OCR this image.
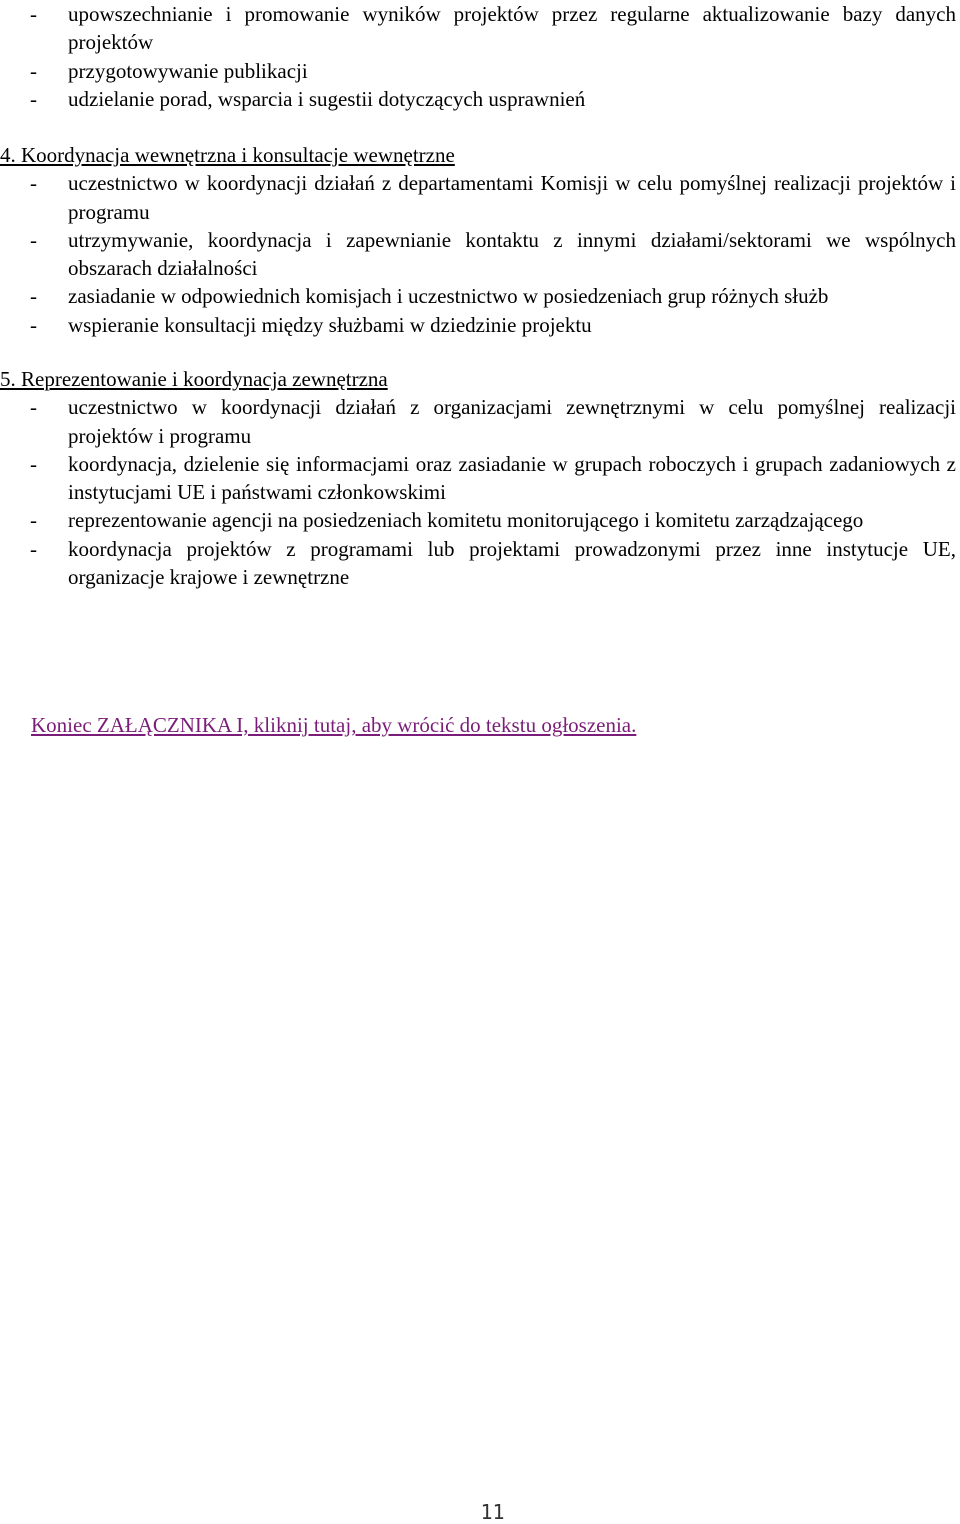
-	upowszechnianie i promowanie wyników projektów przez regularne aktualizowanie bazy danych projektów
-	przygotowywanie publikacji
-	udzielanie porad, wsparcia i sugestii dotyczących usprawnień
4. Koordynacja wewnętrzna i konsultacje wewnętrzne
-	uczestnictwo w koordynacji działań z departamentami Komisji w celu pomyślnej realizacji projektów i programu
-	utrzymywanie, koordynacja i zapewnianie kontaktu z innymi działami/sektorami we wspólnych obszarach działalności
-	zasiadanie w odpowiednich komisjach i uczestnictwo w posiedzeniach grup różnych służb
-	wspieranie konsultacji między służbami w dziedzinie projektu
5. Reprezentowanie i koordynacja zewnętrzna
-	uczestnictwo w koordynacji działań z organizacjami zewnętrznymi w celu pomyślnej realizacji projektów i programu
-	koordynacja, dzielenie się informacjami oraz zasiadanie w grupach roboczych i grupach zadaniowych z instytucjami UE i państwami członkowskimi
-	reprezentowanie agencji na posiedzeniach komitetu monitorującego i komitetu zarządzającego
-	koordynacja projektów z programami lub projektami prowadzonymi przez inne instytucje UE, organizacje krajowe i zewnętrzne
Koniec ZAŁĄCZNIKA I, kliknij tutaj, aby wrócić do tekstu ogłoszenia.
11
